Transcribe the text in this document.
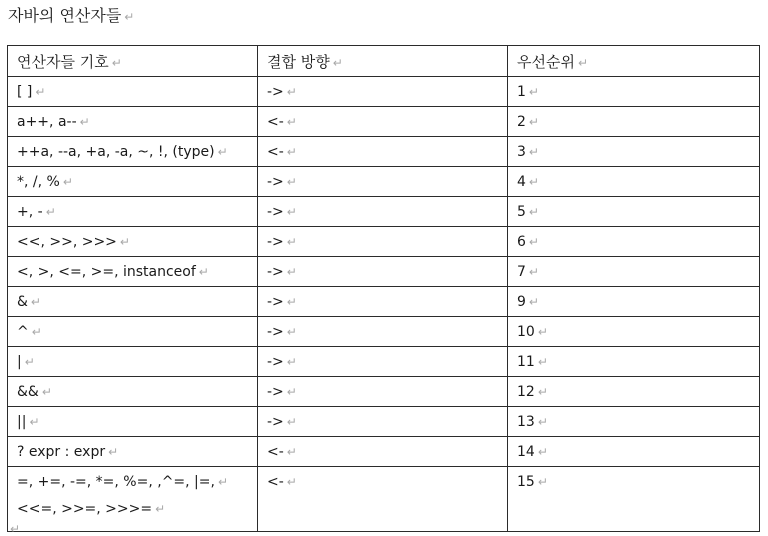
자바의 연산자들 ↵
연산자들 기호 ↵	결합 방향 ↵	우선순위 ↵
[ ] ↵	-> ↵	1 ↵
a++, a-- ↵	<- ↵	2 ↵
++a, --a, +a, -a, ~, !, (type) ↵	<- ↵	3 ↵
*, /, % ↵	-> ↵	4 ↵
+, - ↵	-> ↵	5 ↵
<<, >>, >>> ↵	-> ↵	6 ↵
<, >, <=, >=, instanceof ↵	-> ↵	7 ↵
& ↵	-> ↵	9 ↵
^ ↵	-> ↵	10 ↵
| ↵	-> ↵	11 ↵
&& ↵	-> ↵	12 ↵
|| ↵	-> ↵	13 ↵
? expr : expr ↵	<- ↵	14 ↵

=, +=, -=, *=, %=, ,^=, |=, ↵
<<=, >>=, >>>= ↵	<- ↵	15 ↵
↵
